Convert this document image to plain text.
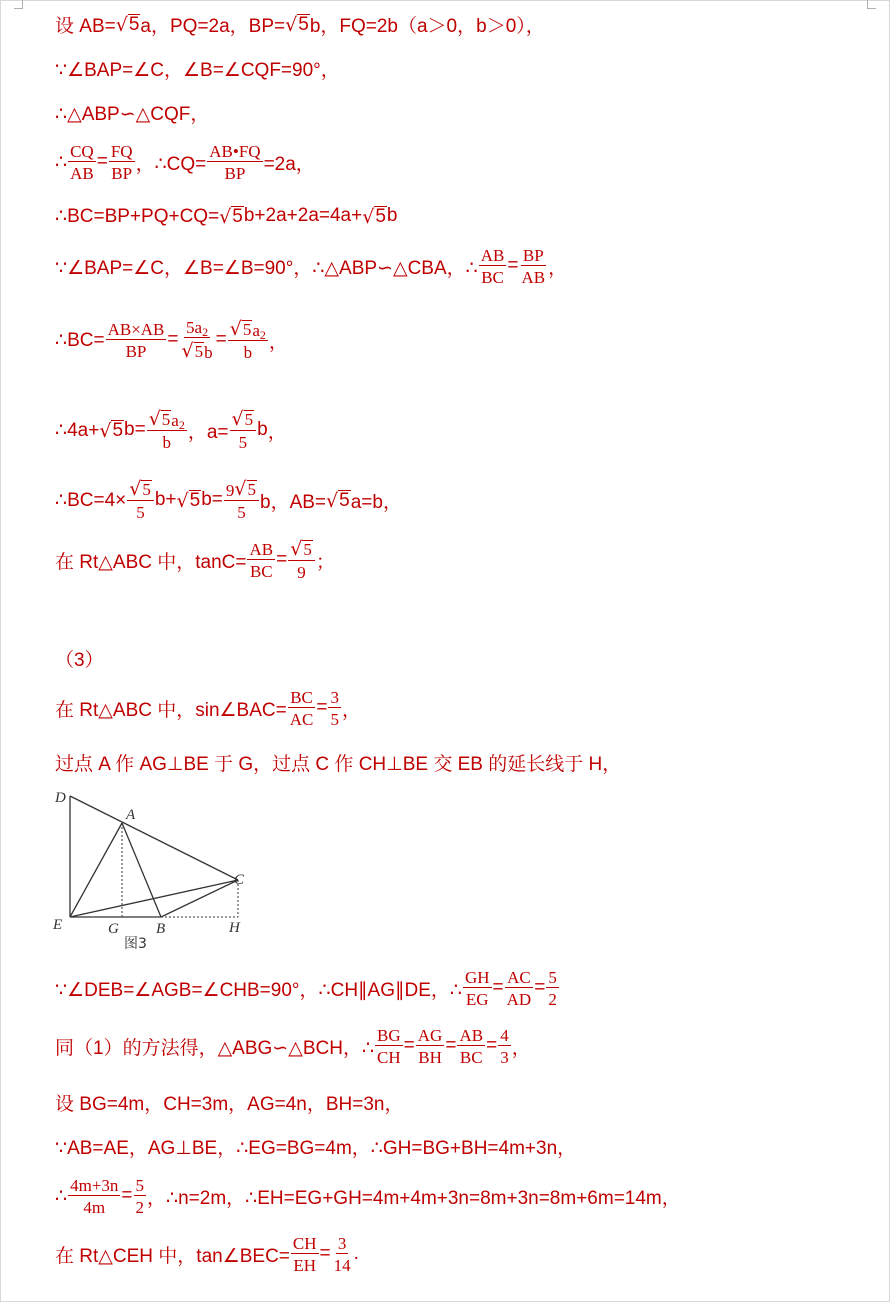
设 AB= √ 5 a，PQ=2a，BP= √ 5 b，FQ=2b（a＞0，b＞0），
∵∠BAP=∠C，∠B=∠CQF=90°，
∴△ABP∽△CQF，
∴ $\frac{CQ}{AB} = \frac{FQ}{BP}$ ，∴CQ= $\frac{AB•FQ}{BP} =2a$，
∴BC=BP+PQ+CQ= √ 5 b+2a+2a=4a+ √ 5 b
∵∠BAP=∠C，∠B=∠B=90°，∴△ABP∽△CBA，∴ $\frac{AB}{BC} = \frac{BP}{AB}$ ，
∴BC= $\frac{AB\times AB}{BP} = \frac{5a^2}{√ 5 b} = \frac{√ 5 a^2}{b}$ ，
∴4a+ √ 5 $b= \frac{√ 5 a^2}{b}$ ，$a= \frac{√ 5}{5}$ b ，
∴BC=4× $\frac{√ 5}{5} b+$ √ 5 $b = \frac{9 √ 5}{5}$ b，AB= √ 5 a=b，
在 Rt△ABC 中，$\tan C= \frac{AB}{BC} = \frac{√ 5}{9}$ ；
（3）
在 Rt△ABC 中，sin∠BAC= $\frac{BC}{AC} = \frac{3}{5}$ ，
过点 A 作 AG⊥BE 于 G，过点 C 作 CH⊥BE 交 EB 的延长线于 H，
D
A
C
E	G B	H
图3
∵∠DEB=∠AGB=∠CHB=90°，∴CH∥AG∥DE，∴ $\frac{GH}{EG} = \frac{AC}{AD} = \frac{5}{2}$
同（1）的方法得，△ABG∽△BCH，∴ $\frac{BG}{CH} = \frac{AG}{BH} = \frac{AB}{BC} = \frac{4}{3}$ ，
设 BG=4m，CH=3m，AG=4n，BH=3n，
∵AB=AE，AG⊥BE，∴EG=BG=4m，∴GH=BG+BH=4m+3n，
∴ $\frac{4m+3n}{4m} = \frac{5}{2}$ ，∴n=2m，∴EH=EG+GH=4m+4m+3n=8m+3n=8m+6m=14m，
在 Rt△CEH 中，tan∠BEC= $\frac{CH}{EH} = \frac{3}{14}$ .
